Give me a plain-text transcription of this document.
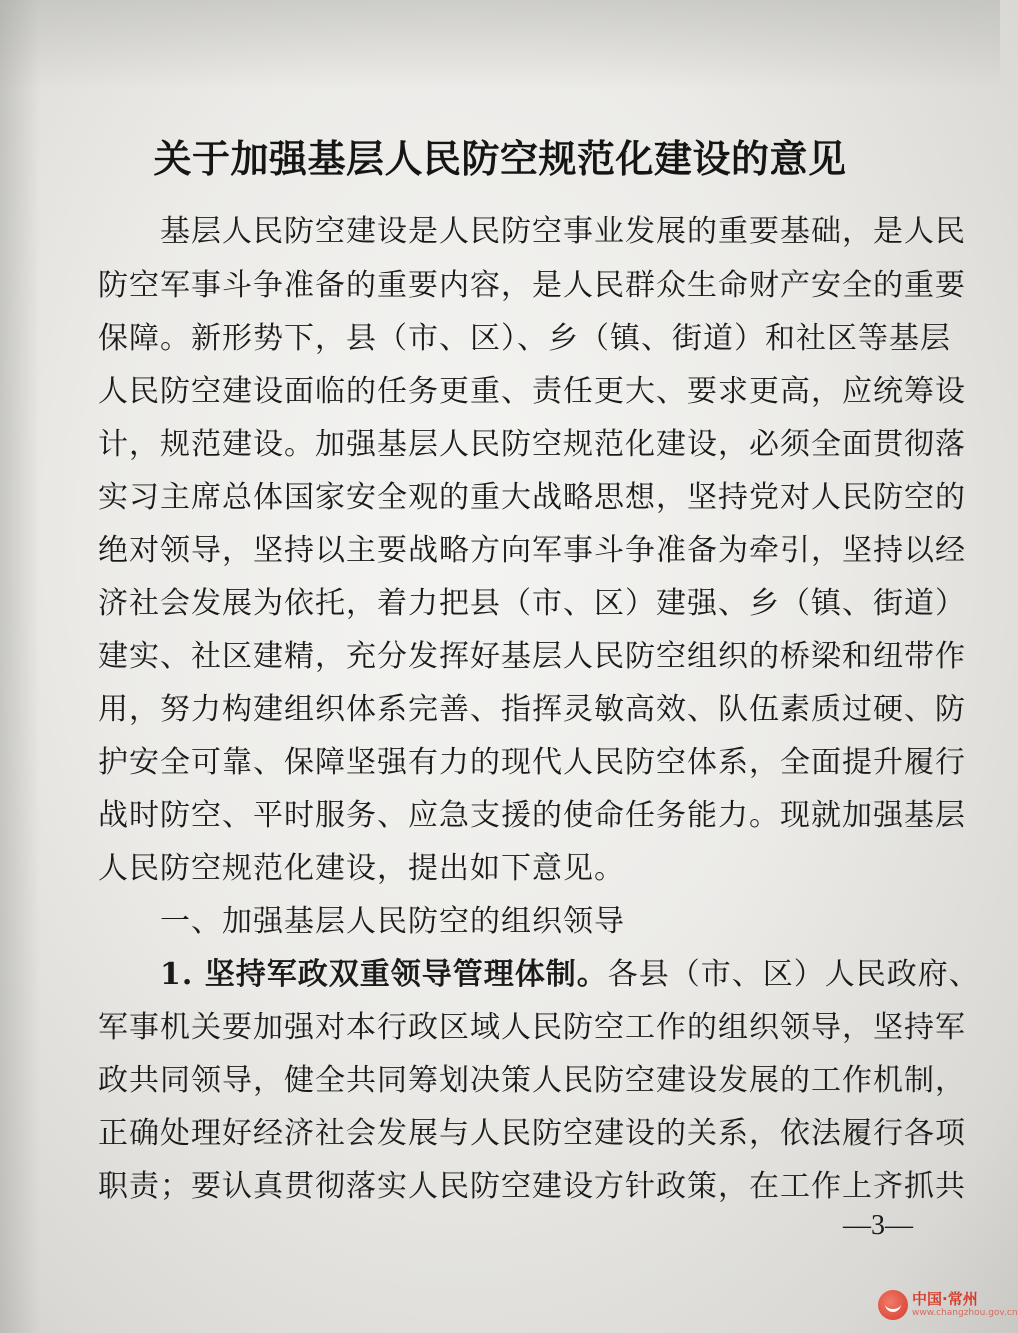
关于加强基层人民防空规范化建设的意见
基层人民防空建设是人民防空事业发展的重要基础，是人民
防空军事斗争准备的重要内容，是人民群众生命财产安全的重要
保障。新形势下，县（市、区）、乡（镇、街道）和社区等基层
人民防空建设面临的任务更重、责任更大、要求更高，应统筹设
计，规范建设。加强基层人民防空规范化建设，必须全面贯彻落
实习主席总体国家安全观的重大战略思想，坚持党对人民防空的
绝对领导，坚持以主要战略方向军事斗争准备为牵引，坚持以经
济社会发展为依托，着力把县（市、区）建强、乡（镇、街道）
建实、社区建精，充分发挥好基层人民防空组织的桥梁和纽带作
用，努力构建组织体系完善、指挥灵敏高效、队伍素质过硬、防
护安全可靠、保障坚强有力的现代人民防空体系，全面提升履行
战时防空、平时服务、应急支援的使命任务能力。现就加强基层
人民防空规范化建设，提出如下意见。
一、加强基层人民防空的组织领导
1. 坚持军政双重领导管理体制。各县（市、区）人民政府、
军事机关要加强对本行政区域人民防空工作的组织领导，坚持军
政共同领导，健全共同筹划决策人民防空建设发展的工作机制，
正确处理好经济社会发展与人民防空建设的关系，依法履行各项
职责；要认真贯彻落实人民防空建设方针政策，在工作上齐抓共
—3—
中国·常州
www.changzhou.gov.cn
